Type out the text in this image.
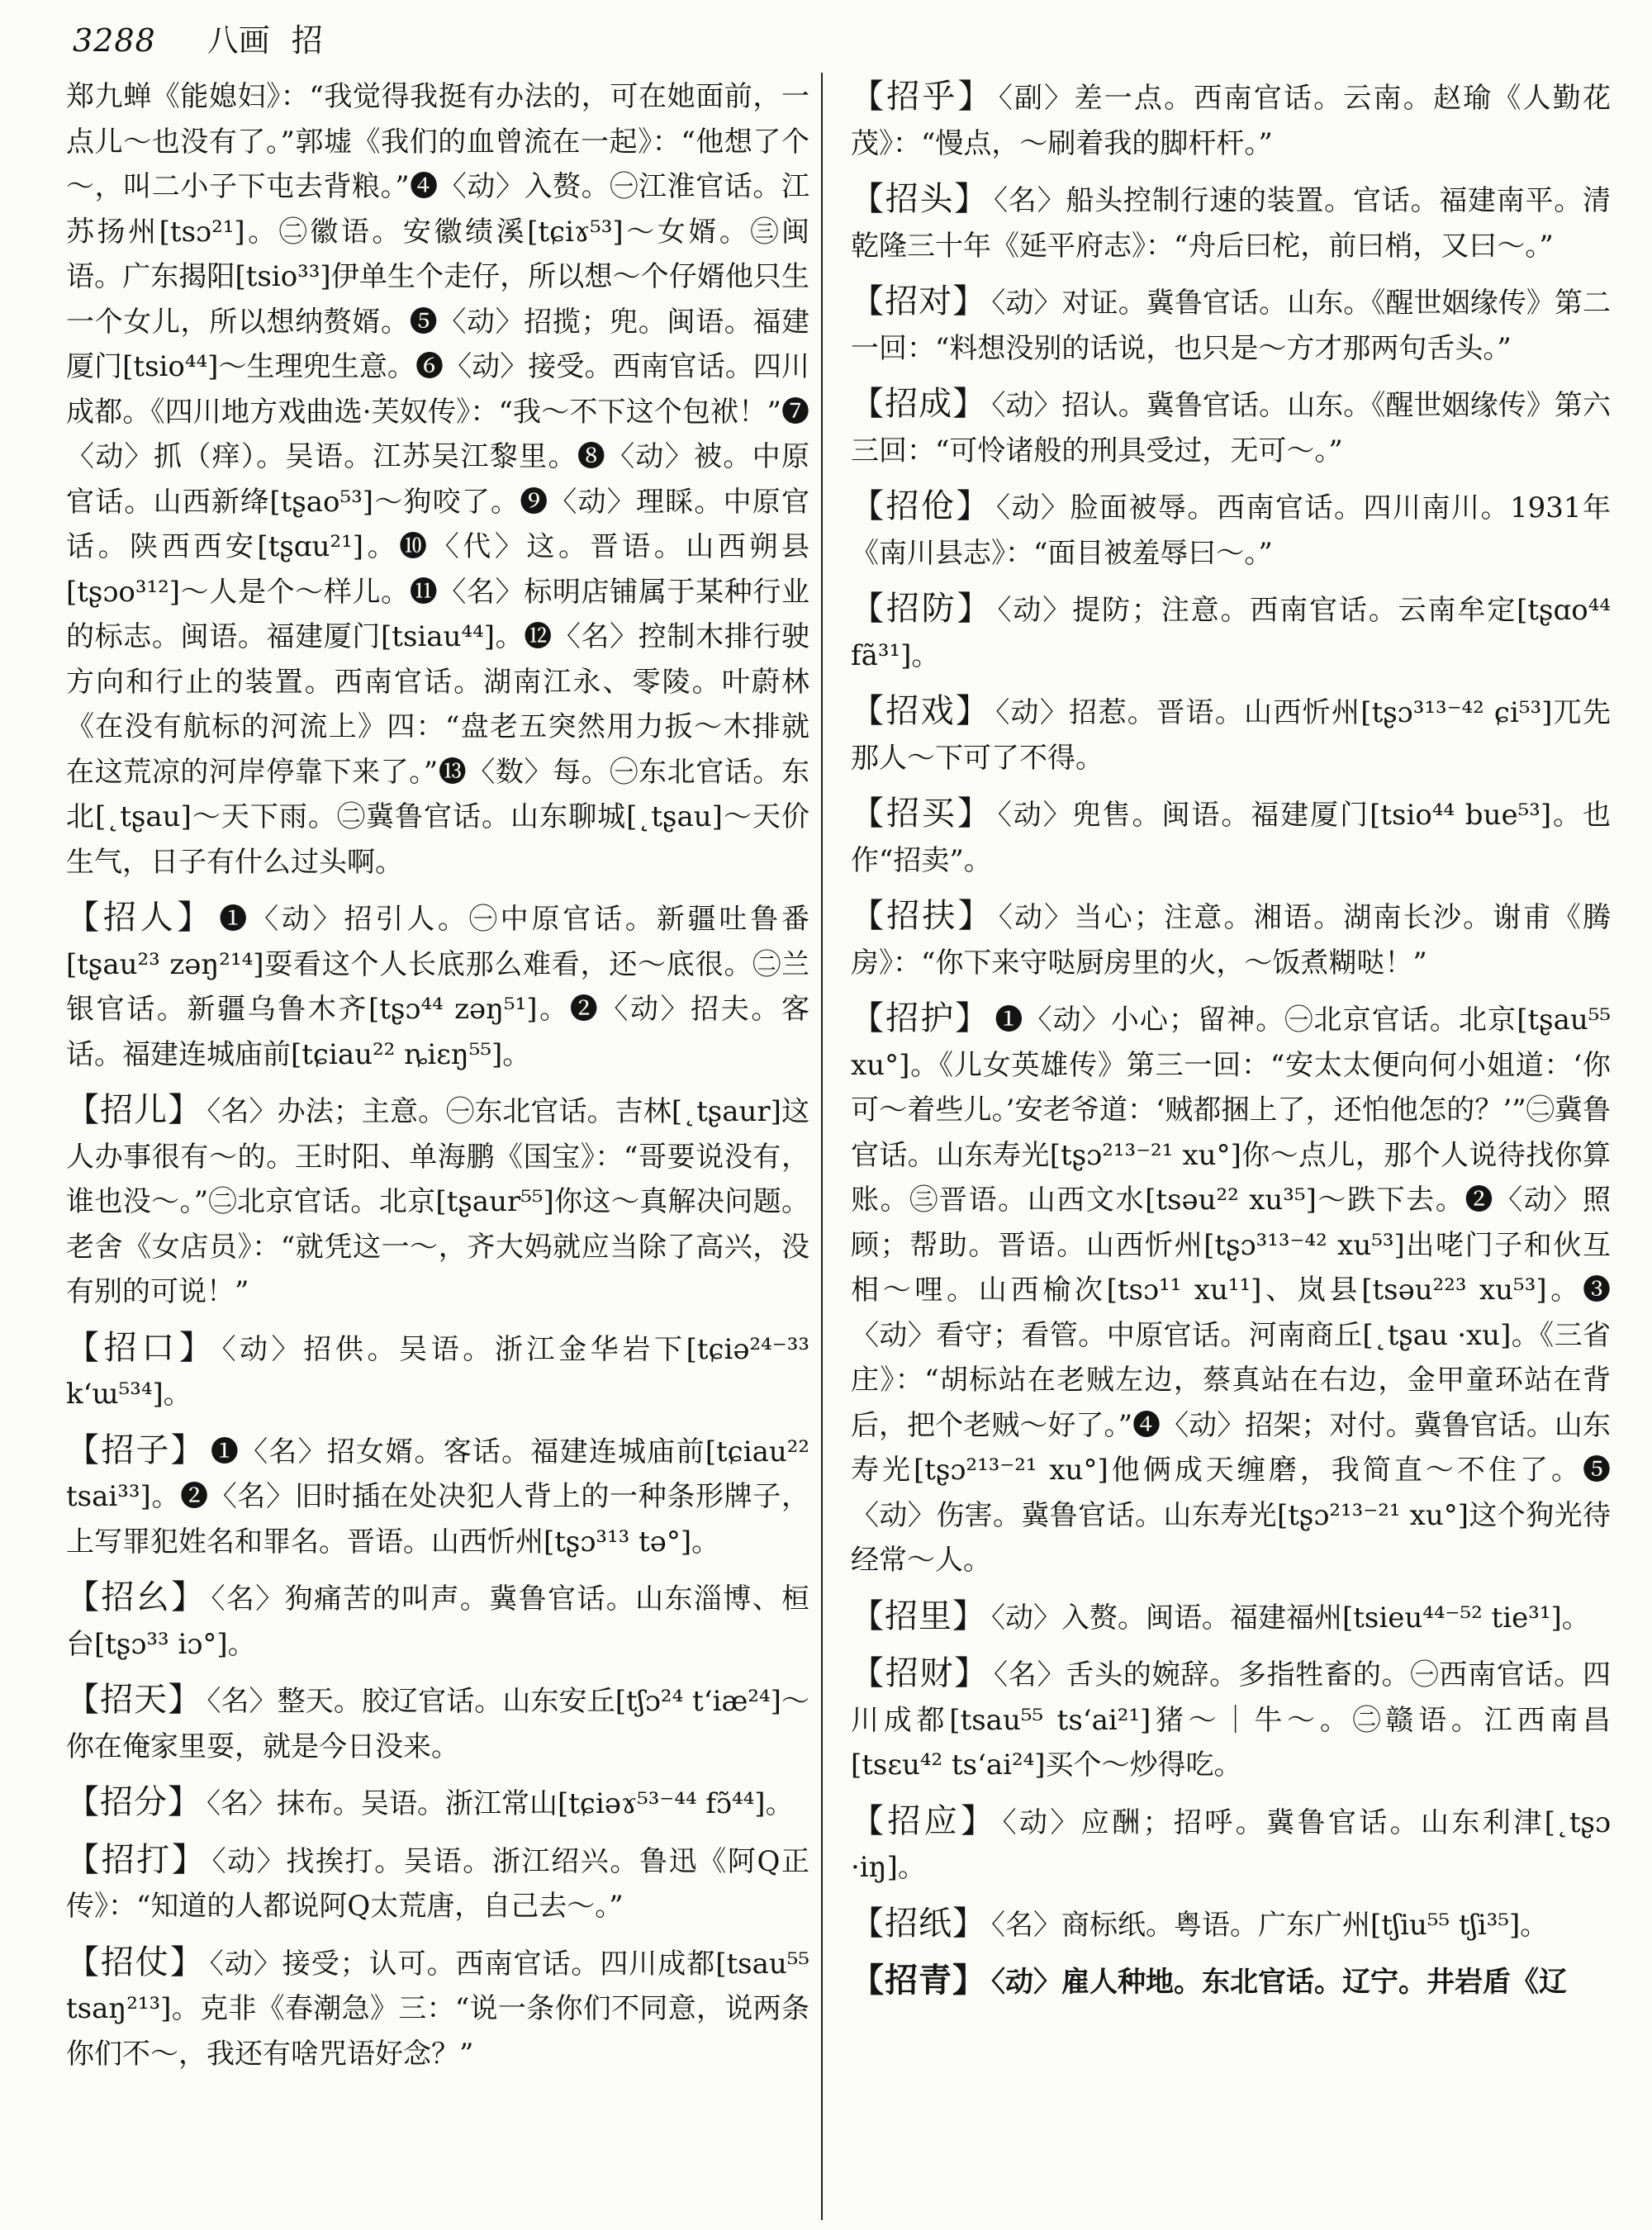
3288 八画 招

郑九蝉《能媳妇》：“我觉得我挺有办法的，可在她面前，一点儿～也没有了。”郭墟《我们的血曾流在一起》：“他想了个～，叫二小子下屯去背粮。”❹〈动〉入赘。㊀江淮官话。江苏扬州[tsɔ²¹]。㊁徽语。安徽绩溪[tɕiɤ⁵³]～女婿。㊂闽语。广东揭阳[tsio³³]伊单生个走仔，所以想～个仔婿他只生一个女儿，所以想纳赘婿。❺〈动〉招揽；兜。闽语。福建厦门[tsio⁴⁴]～生理兜生意。❻〈动〉接受。西南官话。四川成都。《四川地方戏曲选·芙奴传》：“我～不下这个包袱！”❼〈动〉抓（痒）。吴语。江苏吴江黎里。❽〈动〉被。中原官话。山西新绛[tʂao⁵³]～狗咬了。❾〈动〉理睬。中原官话。陕西西安[tʂɑu²¹]。❿〈代〉这。晋语。山西朔县[tʂɔo³¹²]～人是个～样儿。⓫〈名〉标明店铺属于某种行业的标志。闽语。福建厦门[tsiau⁴⁴]。⓬〈名〉控制木排行驶方向和行止的装置。西南官话。湖南江永、零陵。叶蔚林《在没有航标的河流上》四：“盘老五突然用力扳～木排就在这荒凉的河岸停靠下来了。”⓭〈数〉每。㊀东北官话。东北[˛tʂau]～天下雨。㊁冀鲁官话。山东聊城[˛tʂau]～天价生气，日子有什么过头啊。

【招人】 ❶〈动〉招引人。㊀中原官话。新疆吐鲁番[tʂau²³ zəŋ²¹⁴]耍看这个人长底那么难看，还～底很。㊁兰银官话。新疆乌鲁木齐[tʂɔ⁴⁴ zəŋ⁵¹]。❷〈动〉招夫。客话。福建连城庙前[tɕiau²² ȵiɛŋ⁵⁵]。

【招儿】 〈名〉办法；主意。㊀东北官话。吉林[˛tʂaur]这人办事很有～的。王时阳、单海鹏《国宝》：“哥要说没有，谁也没～。”㊁北京官话。北京[tʂaur⁵⁵]你这～真解决问题。老舍《女店员》：“就凭这一～，齐大妈就应当除了高兴，没有别的可说！”

【招口】 〈动〉招供。吴语。浙江金华岩下[tɕiə²⁴⁻³³ k‘ɯ⁵³⁴]。

【招子】 ❶〈名〉招女婿。客话。福建连城庙前[tɕiau²² tsai³³]。❷〈名〉旧时插在处决犯人背上的一种条形牌子，上写罪犯姓名和罪名。晋语。山西忻州[tʂɔ³¹³ tə°]。

【招幺】 〈名〉狗痛苦的叫声。冀鲁官话。山东淄博、桓台[tʂɔ³³ iɔ°]。

【招天】 〈名〉整天。胶辽官话。山东安丘[tʃɔ²⁴ t‘iæ²⁴]～你在俺家里耍，就是今日没来。

【招分】 〈名〉抹布。吴语。浙江常山[tɕiəɤ⁵³⁻⁴⁴ fɔ̃⁴⁴]。

【招打】 〈动〉找挨打。吴语。浙江绍兴。鲁迅《阿Q正传》：“知道的人都说阿Q太荒唐，自己去～。”

【招仗】 〈动〉接受；认可。西南官话。四川成都[tsau⁵⁵ tsaŋ²¹³]。克非《春潮急》三：“说一条你们不同意，说两条你们不～，我还有啥咒语好念？”

【招乎】 〈副〉差一点。西南官话。云南。赵瑜《人勤花茂》：“慢点，～刷着我的脚杆杆。”

【招头】 〈名〉船头控制行速的装置。官话。福建南平。清乾隆三十年《延平府志》：“舟后曰柁，前曰梢，又曰～。”

【招对】 〈动〉对证。冀鲁官话。山东。《醒世姻缘传》第二一回：“料想没别的话说，也只是～方才那两句舌头。”

【招成】 〈动〉招认。冀鲁官话。山东。《醒世姻缘传》第六三回：“可怜诸般的刑具受过，无可～。”

【招伧】 〈动〉脸面被辱。西南官话。四川南川。1931年《南川县志》：“面目被羞辱曰～。”

【招防】 〈动〉提防；注意。西南官话。云南牟定[tʂɑo⁴⁴ fã³¹]。

【招戏】 〈动〉招惹。晋语。山西忻州[tʂɔ³¹³⁻⁴² ɕi⁵³]兀先那人～下可了不得。

【招买】 〈动〉兜售。闽语。福建厦门[tsio⁴⁴ bue⁵³]。也作“招卖”。

【招扶】 〈动〉当心；注意。湘语。湖南长沙。谢甫《腾房》：“你下来守哒厨房里的火，～饭煮糊哒！”

【招护】 ❶〈动〉小心；留神。㊀北京官话。北京[tʂau⁵⁵ xu°]。《儿女英雄传》第三一回：“安太太便向何小姐道：‘你可～着些儿。’安老爷道：‘贼都捆上了，还怕他怎的？’”㊁冀鲁官话。山东寿光[tʂɔ²¹³⁻²¹ xu°]你～点儿，那个人说待找你算账。㊂晋语。山西文水[tsəu²² xu³⁵]～跌下去。❷〈动〉照顾；帮助。晋语。山西忻州[tʂɔ³¹³⁻⁴² xu⁵³]出咾门子和伙互相～哩。山西榆次[tsɔ¹¹ xu¹¹]、岚县[tsəu²²³ xu⁵³]。❸〈动〉看守；看管。中原官话。河南商丘[˛tʂau ·xu]。《三省庄》：“胡标站在老贼左边，蔡真站在右边，金甲童环站在背后，把个老贼～好了。”❹〈动〉招架；对付。冀鲁官话。山东寿光[tʂɔ²¹³⁻²¹ xu°]他俩成天缠磨，我简直～不住了。❺〈动〉伤害。冀鲁官话。山东寿光[tʂɔ²¹³⁻²¹ xu°]这个狗光待经常～人。

【招里】 〈动〉入赘。闽语。福建福州[tsieu⁴⁴⁻⁵² tie³¹]。

【招财】 〈名〉舌头的婉辞。多指牲畜的。㊀西南官话。四川成都[tsau⁵⁵ ts‘ai²¹]猪～｜牛～。㊁赣语。江西南昌[tsɛu⁴² ts‘ai²⁴]买个～炒得吃。

【招应】 〈动〉应酬；招呼。冀鲁官话。山东利津[˛tʂɔ ·iŋ]。

【招纸】 〈名〉商标纸。粤语。广东广州[tʃiu⁵⁵ tʃi³⁵]。

【招青】 〈动〉雇人种地。东北官话。辽宁。井岩盾《辽
